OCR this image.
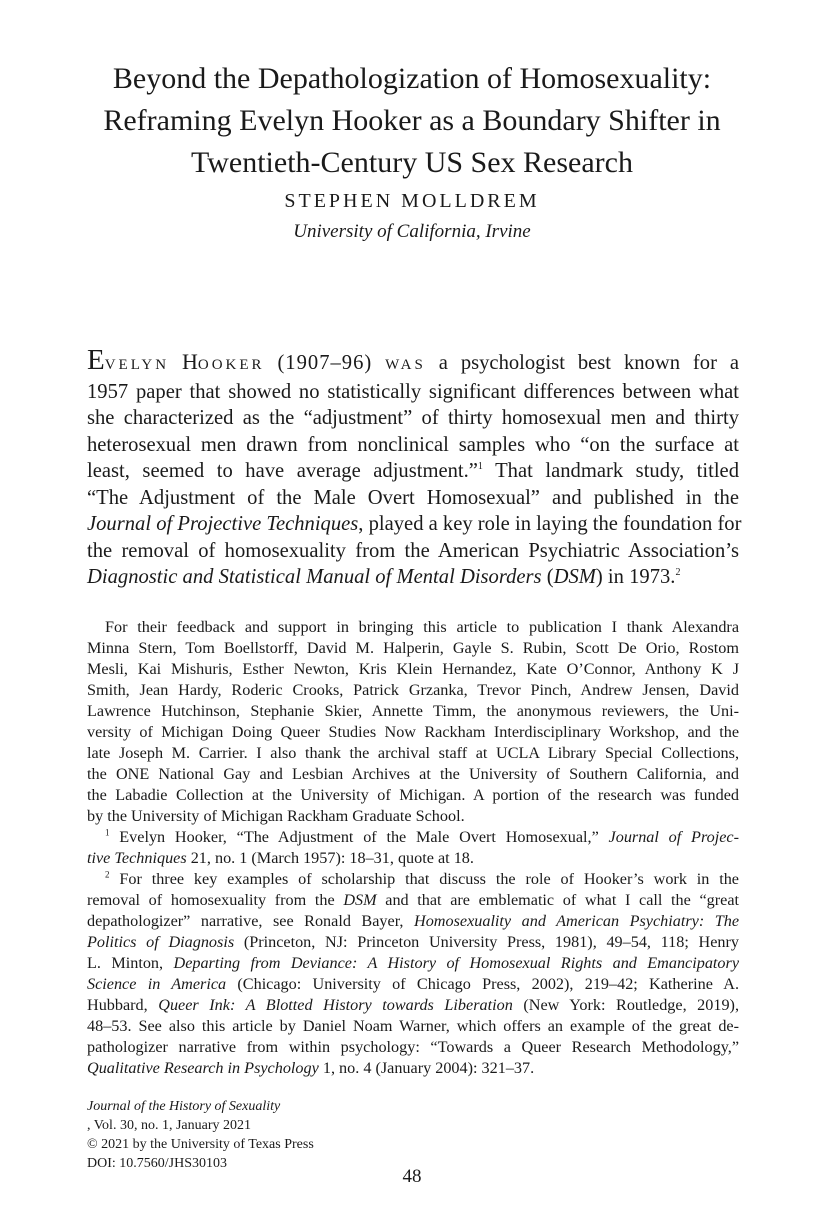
Beyond the Depathologization of Homosexuality:
Reframing Evelyn Hooker as a Boundary Shifter in
Twentieth-Century US Sex Research
STEPHEN MOLLDREM
University of California, Irvine
EVELYN HOOKER (1907–96) WAS a psychologist best known for a
1957 paper that showed no statistically significant differences between what
she characterized as the “adjustment” of thirty homosexual men and thirty
heterosexual men drawn from nonclinical samples who “on the surface at
least, seemed to have average adjustment.”$^1$ That landmark study, titled
“The Adjustment of the Male Overt Homosexual” and published in the
Journal of Projective Techniques, played a key role in laying the foundation for
the removal of homosexuality from the American Psychiatric Association’s
Diagnostic and Statistical Manual of Mental Disorders (DSM) in 1973.$^2$
For their feedback and support in bringing this article to publication I thank Alexandra
Minna Stern, Tom Boellstorff, David M. Halperin, Gayle S. Rubin, Scott De Orio, Rostom
Mesli, Kai Mishuris, Esther Newton, Kris Klein Hernandez, Kate O’Connor, Anthony K J
Smith, Jean Hardy, Roderic Crooks, Patrick Grzanka, Trevor Pinch, Andrew Jensen, David
Lawrence Hutchinson, Stephanie Skier, Annette Timm, the anonymous reviewers, the Uni-
versity of Michigan Doing Queer Studies Now Rackham Interdisciplinary Workshop, and the
late Joseph M. Carrier. I also thank the archival staff at UCLA Library Special Collections,
the ONE National Gay and Lesbian Archives at the University of Southern California, and
the Labadie Collection at the University of Michigan. A portion of the research was funded
by the University of Michigan Rackham Graduate School.
$^1$ Evelyn Hooker, “The Adjustment of the Male Overt Homosexual,” Journal of Projec-
tive Techniques 21, no. 1 (March 1957): 18–31, quote at 18.
$^2$ For three key examples of scholarship that discuss the role of Hooker’s work in the
removal of homosexuality from the DSM and that are emblematic of what I call the “great
depathologizer” narrative, see Ronald Bayer, Homosexuality and American Psychiatry: The
Politics of Diagnosis (Princeton, NJ: Princeton University Press, 1981), 49–54, 118; Henry
L. Minton, Departing from Deviance: A History of Homosexual Rights and Emancipatory
Science in America (Chicago: University of Chicago Press, 2002), 219–42; Katherine A.
Hubbard, Queer Ink: A Blotted History towards Liberation (New York: Routledge, 2019),
48–53. See also this article by Daniel Noam Warner, which offers an example of the great de-
pathologizer narrative from within psychology: “Towards a Queer Research Methodology,”
Qualitative Research in Psychology 1, no. 4 (January 2004): 321–37.
Journal of the History of Sexuality
, Vol. 30, no. 1, January 2021
© 2021 by the University of Texas Press
DOI: 10.7560/JHS30103
48
